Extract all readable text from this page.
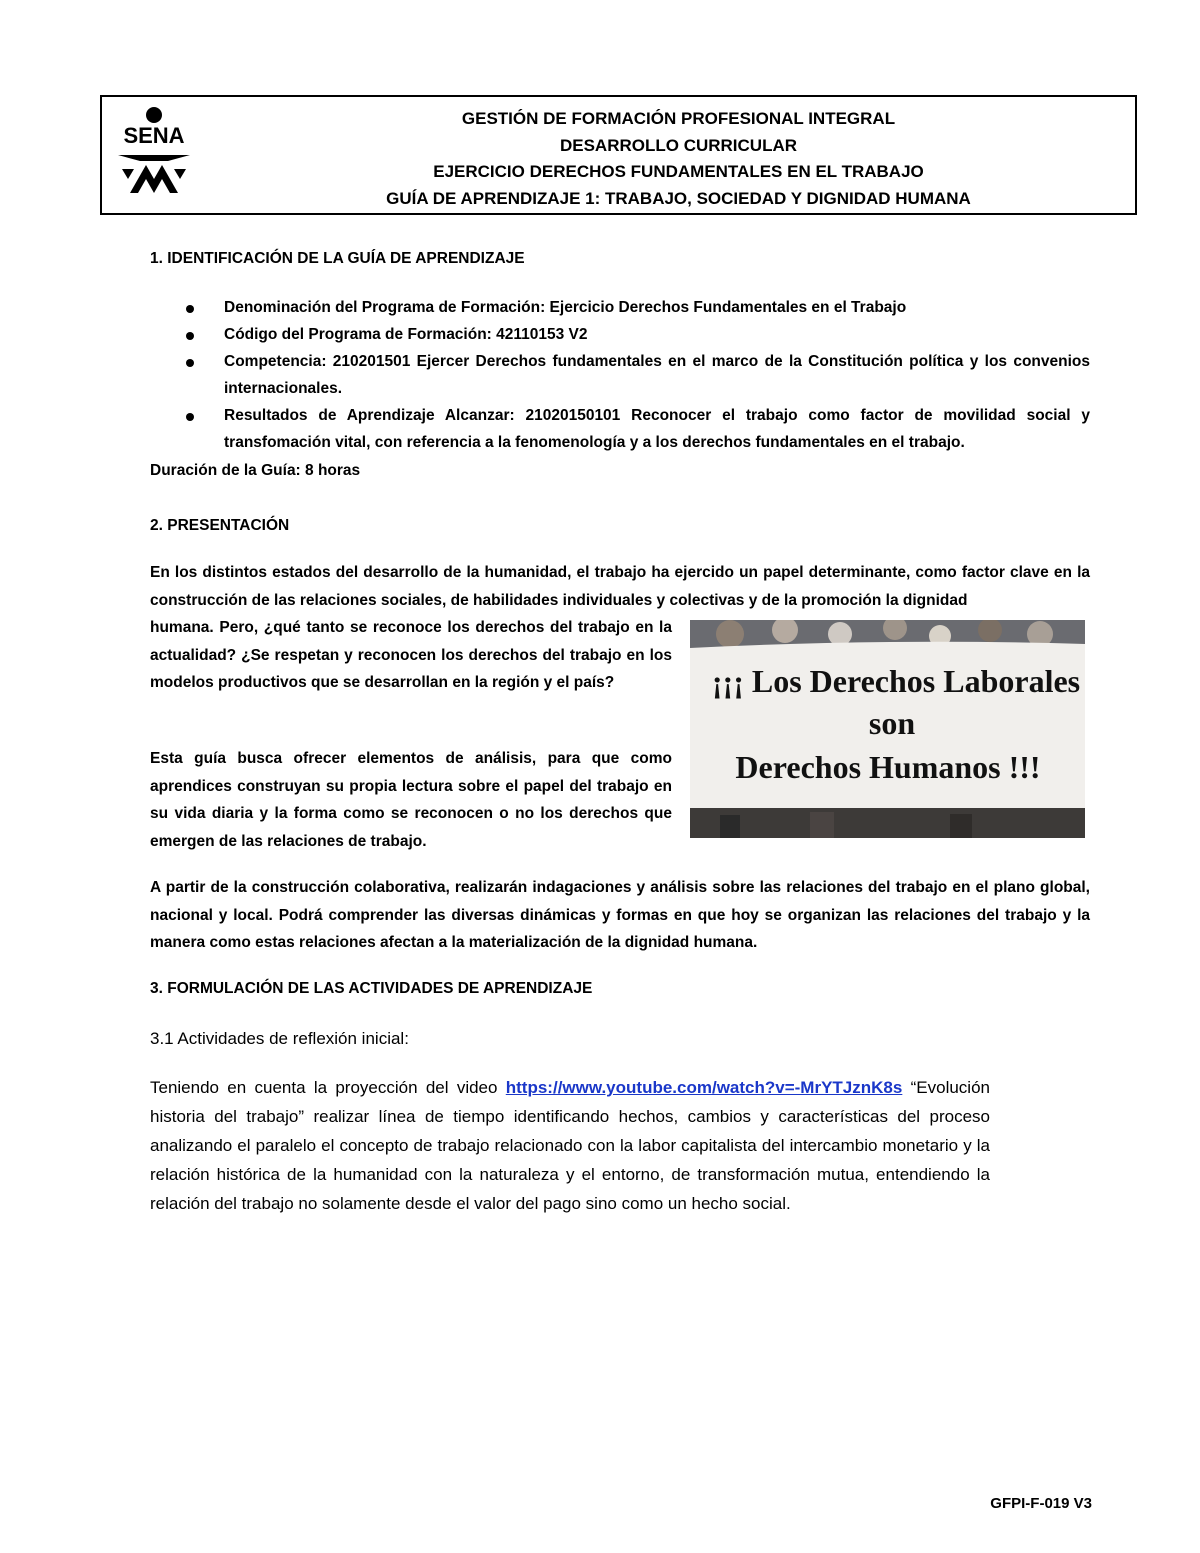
SENA
GESTIÓN DE FORMACIÓN PROFESIONAL INTEGRAL
DESARROLLO CURRICULAR
EJERCICIO DERECHOS FUNDAMENTALES EN EL TRABAJO
GUÍA DE APRENDIZAJE 1: TRABAJO, SOCIEDAD Y DIGNIDAD HUMANA
1. IDENTIFICACIÓN DE LA GUÍA DE APRENDIZAJE
Denominación del Programa de Formación: Ejercicio Derechos Fundamentales en el Trabajo
Código del Programa de Formación: 42110153 V2
Competencia: 210201501 Ejercer Derechos fundamentales en el marco de la Constitución política y los convenios internacionales.
Resultados de Aprendizaje Alcanzar: 21020150101 Reconocer el trabajo como factor de movilidad social y transfomación vital, con referencia a la fenomenología y a los derechos fundamentales en el trabajo.
Duración de la Guía: 8 horas
2. PRESENTACIÓN
En los distintos estados del desarrollo de la humanidad, el trabajo ha ejercido un papel determinante, como factor clave en la construcción de las relaciones sociales, de habilidades individuales y colectivas y de la promoción la dignidad
humana. Pero, ¿qué tanto se reconoce los derechos del trabajo en la actualidad? ¿Se respetan y reconocen los derechos del trabajo en los modelos productivos que se desarrollan en la región y el país?
Esta guía busca ofrecer elementos de análisis, para que como aprendices construyan su propia lectura sobre el papel del trabajo en su vida diaria y la forma como se reconocen o no los derechos que emergen de las relaciones de trabajo.
¡¡¡ Los Derechos Laborales
son
Derechos Humanos !!!
A partir de la construcción colaborativa, realizarán indagaciones y análisis sobre las relaciones del trabajo en el plano global, nacional y local. Podrá comprender las diversas dinámicas y formas en que hoy se organizan las relaciones del trabajo y la manera como estas relaciones afectan a la materialización de la dignidad humana.
3. FORMULACIÓN DE LAS ACTIVIDADES DE APRENDIZAJE
3.1 Actividades de reflexión inicial:
Teniendo en cuenta la proyección del video https://www.youtube.com/watch?v=-MrYTJznK8s “Evolución historia del trabajo” realizar línea de tiempo identificando hechos, cambios y características del proceso analizando el paralelo el concepto de trabajo relacionado con la labor capitalista del intercambio monetario y la relación histórica de la humanidad con la naturaleza y el entorno, de transformación mutua, entendiendo la relación del trabajo no solamente desde el valor del pago sino como un hecho social.
GFPI-F-019 V3
